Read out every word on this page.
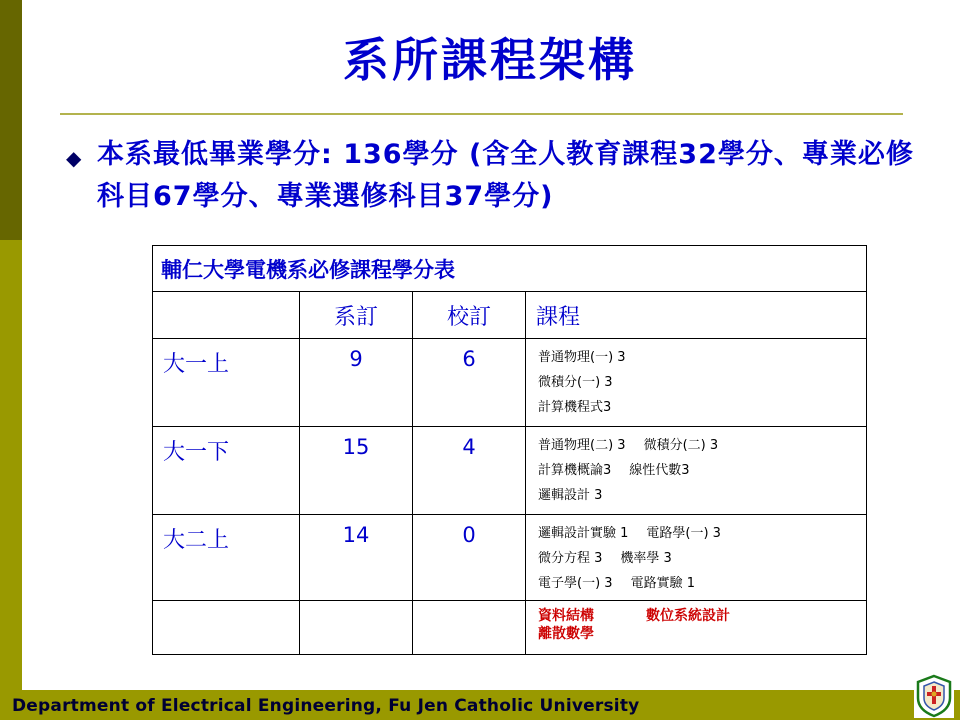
系所課程架構
◆ 本系最低畢業學分: 136學分 (含全人教育課程32學分、專業必修科目67學分、專業選修科目37學分)
輔仁大學電機系必修課程學分表			
	系訂	校訂	課程
大一上	9	6	普通物理(一) 3
微積分(一) 3
計算機程式3

大一下	15	4	普通物理(二) 3 微積分(二) 3
計算機概論3 線性代數3
邏輯設計 3

大二上	14	0	邏輯設計實驗 1 電路學(一) 3
微分方程 3 機率學 3
電子學(一) 3 電路實驗 1

			資料結構 數位系統設計
離散數學
Department of Electrical Engineering, Fu Jen Catholic University
